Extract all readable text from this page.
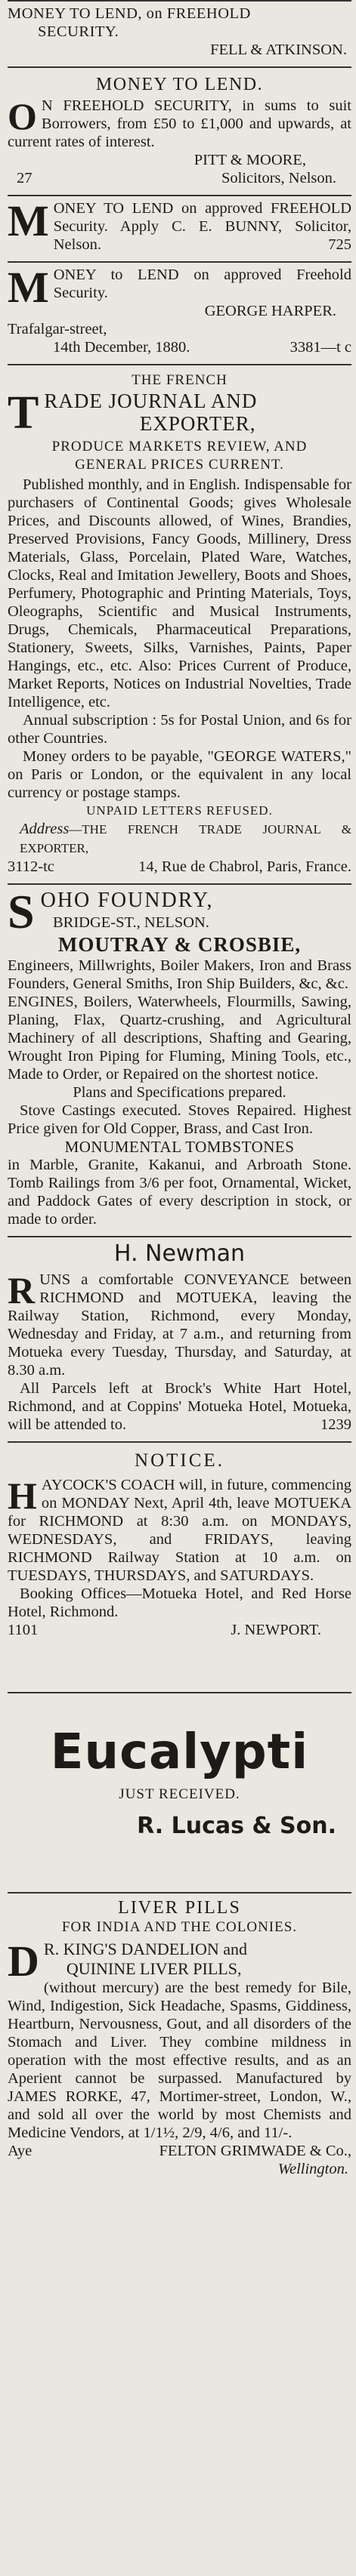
MONEY TO LEND, on FREEHOLD
SECURITY.
FELL & ATKINSON.
MONEY TO LEND.
O N FREEHOLD SECURITY, in sums to suit Borrowers, from £50 to £1,000 and upwards, at current rates of interest.
PITT & MOORE,
27	Solicitors, Nelson.
M ONEY TO LEND on approved FREEHOLD Security. Apply C. E. BUNNY, Solicitor, Nelson.	725
M ONEY to LEND on approved Freehold Security.
GEORGE HARPER.
Trafalgar-street,
14th December, 1880.	3381—t c
THE FRENCH
T RADE JOURNAL AND
EXPORTER,
PRODUCE MARKETS REVIEW, AND
GENERAL PRICES CURRENT.
Published monthly, and in English. Indispensable for purchasers of Continental Goods; gives Wholesale Prices, and Discounts allowed, of Wines, Brandies, Preserved Provisions, Fancy Goods, Millinery, Dress Materials, Glass, Porcelain, Plated Ware, Watches, Clocks, Real and Imitation Jewellery, Boots and Shoes, Perfumery, Photographic and Printing Materials, Toys, Oleographs, Scientific and Musical Instruments, Drugs, Chemicals, Pharmaceutical Preparations, Stationery, Sweets, Silks, Varnishes, Paints, Paper Hangings, etc., etc. Also: Prices Current of Produce, Market Reports, Notices on Industrial Novelties, Trade Intelligence, etc.
Annual subscription : 5s for Postal Union, and 6s for other Countries.
Money orders to be payable, "GEORGE WATERS," on Paris or London, or the equivalent in any local currency or postage stamps.
UNPAID LETTERS REFUSED.
Address—THE FRENCH TRADE JOURNAL & EXPORTER,
3112-tc	14, Rue de Chabrol, Paris, France.
S OHO FOUNDRY,
BRIDGE-ST., NELSON.
MOUTRAY & CROSBIE,
Engineers, Millwrights, Boiler Makers, Iron and Brass Founders, General Smiths, Iron Ship Builders, &c, &c.
ENGINES, Boilers, Waterwheels, Flourmills, Sawing, Planing, Flax, Quartz-crushing, and Agricultural Machinery of all descriptions, Shafting and Gearing, Wrought Iron Piping for Fluming, Mining Tools, etc., Made to Order, or Repaired on the shortest notice.
Plans and Specifications prepared.
Stove Castings executed. Stoves Repaired. Highest Price given for Old Copper, Brass, and Cast Iron.
MONUMENTAL TOMBSTONES
in Marble, Granite, Kakanui, and Arbroath Stone. Tomb Railings from 3/6 per foot, Ornamental, Wicket, and Paddock Gates of every description in stock, or made to order.
H. Newman
R UNS a comfortable CONVEYANCE between RICHMOND and MOTUEKA, leaving the Railway Station, Richmond, every Monday, Wednesday and Friday, at 7 a.m., and returning from Motueka every Tuesday, Thursday, and Saturday, at 8.30 a.m.
All Parcels left at Brock's White Hart Hotel, Richmond, and at Coppins' Motueka Hotel, Motueka, will be attended to.	1239
NOTICE.
H AYCOCK'S COACH will, in future, commencing on MONDAY Next, April 4th, leave MOTUEKA for RICHMOND at 8:30 a.m. on MONDAYS, WEDNESDAYS, and FRIDAYS, leaving RICHMOND Railway Station at 10 a.m. on TUESDAYS, THURSDAYS, and SATURDAYS.
Booking Offices—Motueka Hotel, and Red Horse Hotel, Richmond.
1101	J. NEWPORT.
Eucalypti
JUST RECEIVED.
R. Lucas & Son.
LIVER PILLS
FOR INDIA AND THE COLONIES.
D R. KING'S DANDELION and
QUININE LIVER PILLS,
(without mercury) are the best remedy for Bile, Wind, Indigestion, Sick Headache, Spasms, Giddiness, Heartburn, Nervousness, Gout, and all disorders of the Stomach and Liver. They combine mildness in operation with the most effective results, and as an Aperient cannot be surpassed. Manufactured by JAMES RORKE, 47, Mortimer-street, London, W., and sold all over the world by most Chemists and Medicine Vendors, at 1/1½, 2/9, 4/6, and 11/-.
Aye	FELTON GRIMWADE & Co.,
Wellington.
